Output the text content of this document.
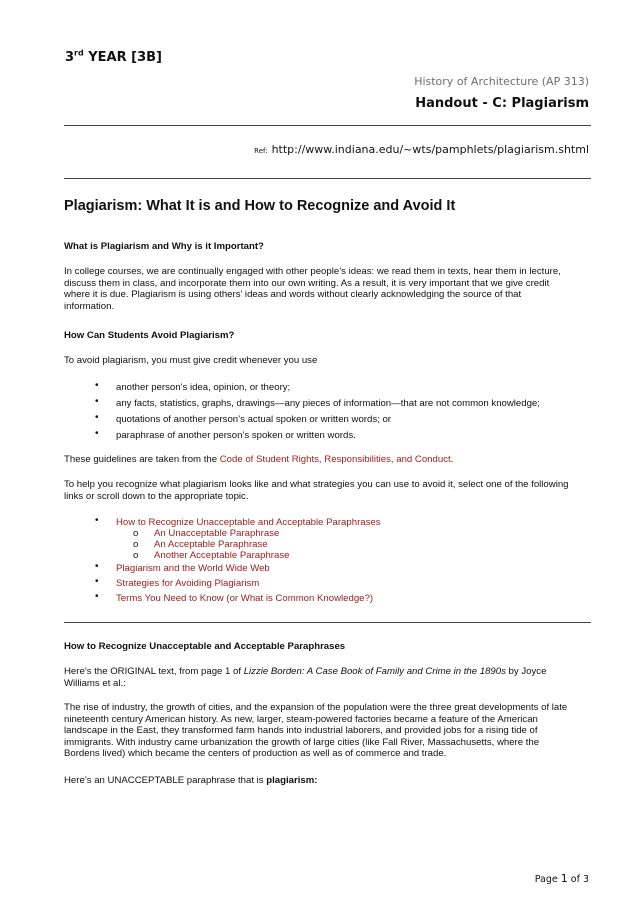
3rd YEAR [3B]
History of Architecture (AP 313)
Handout - C: Plagiarism
Ref: http://www.indiana.edu/~wts/pamphlets/plagiarism.shtml
Plagiarism: What It is and How to Recognize and Avoid It
What is Plagiarism and Why is it Important?
In college courses, we are continually engaged with other people’s ideas: we read them in texts, hear them in lecture,
discuss them in class, and incorporate them into our own writing. As a result, it is very important that we give credit
where it is due. Plagiarism is using others’ ideas and words without clearly acknowledging the source of that
information.
How Can Students Avoid Plagiarism?
To avoid plagiarism, you must give credit whenever you use
• another person’s idea, opinion, or theory;
• any facts, statistics, graphs, drawings—any pieces of information—that are not common knowledge;
• quotations of another person’s actual spoken or written words; or
• paraphrase of another person’s spoken or written words.
These guidelines are taken from the Code of Student Rights, Responsibilities, and Conduct.
To help you recognize what plagiarism looks like and what strategies you can use to avoid it, select one of the following
links or scroll down to the appropriate topic.
• How to Recognize Unacceptable and Acceptable Paraphrases
o An Unacceptable Paraphrase
o An Acceptable Paraphrase
o Another Acceptable Paraphrase
• Plagiarism and the World Wide Web
• Strategies for Avoiding Plagiarism
• Terms You Need to Know (or What is Common Knowledge?)
How to Recognize Unacceptable and Acceptable Paraphrases
Here’s the ORIGINAL text, from page 1 of Lizzie Borden: A Case Book of Family and Crime in the 1890s by Joyce
Williams et al.:
The rise of industry, the growth of cities, and the expansion of the population were the three great developments of late
nineteenth century American history. As new, larger, steam-powered factories became a feature of the American
landscape in the East, they transformed farm hands into industrial laborers, and provided jobs for a rising tide of
immigrants. With industry came urbanization the growth of large cities (like Fall River, Massachusetts, where the
Bordens lived) which became the centers of production as well as of commerce and trade.
Here’s an UNACCEPTABLE paraphrase that is plagiarism:
Page 1 of 3
